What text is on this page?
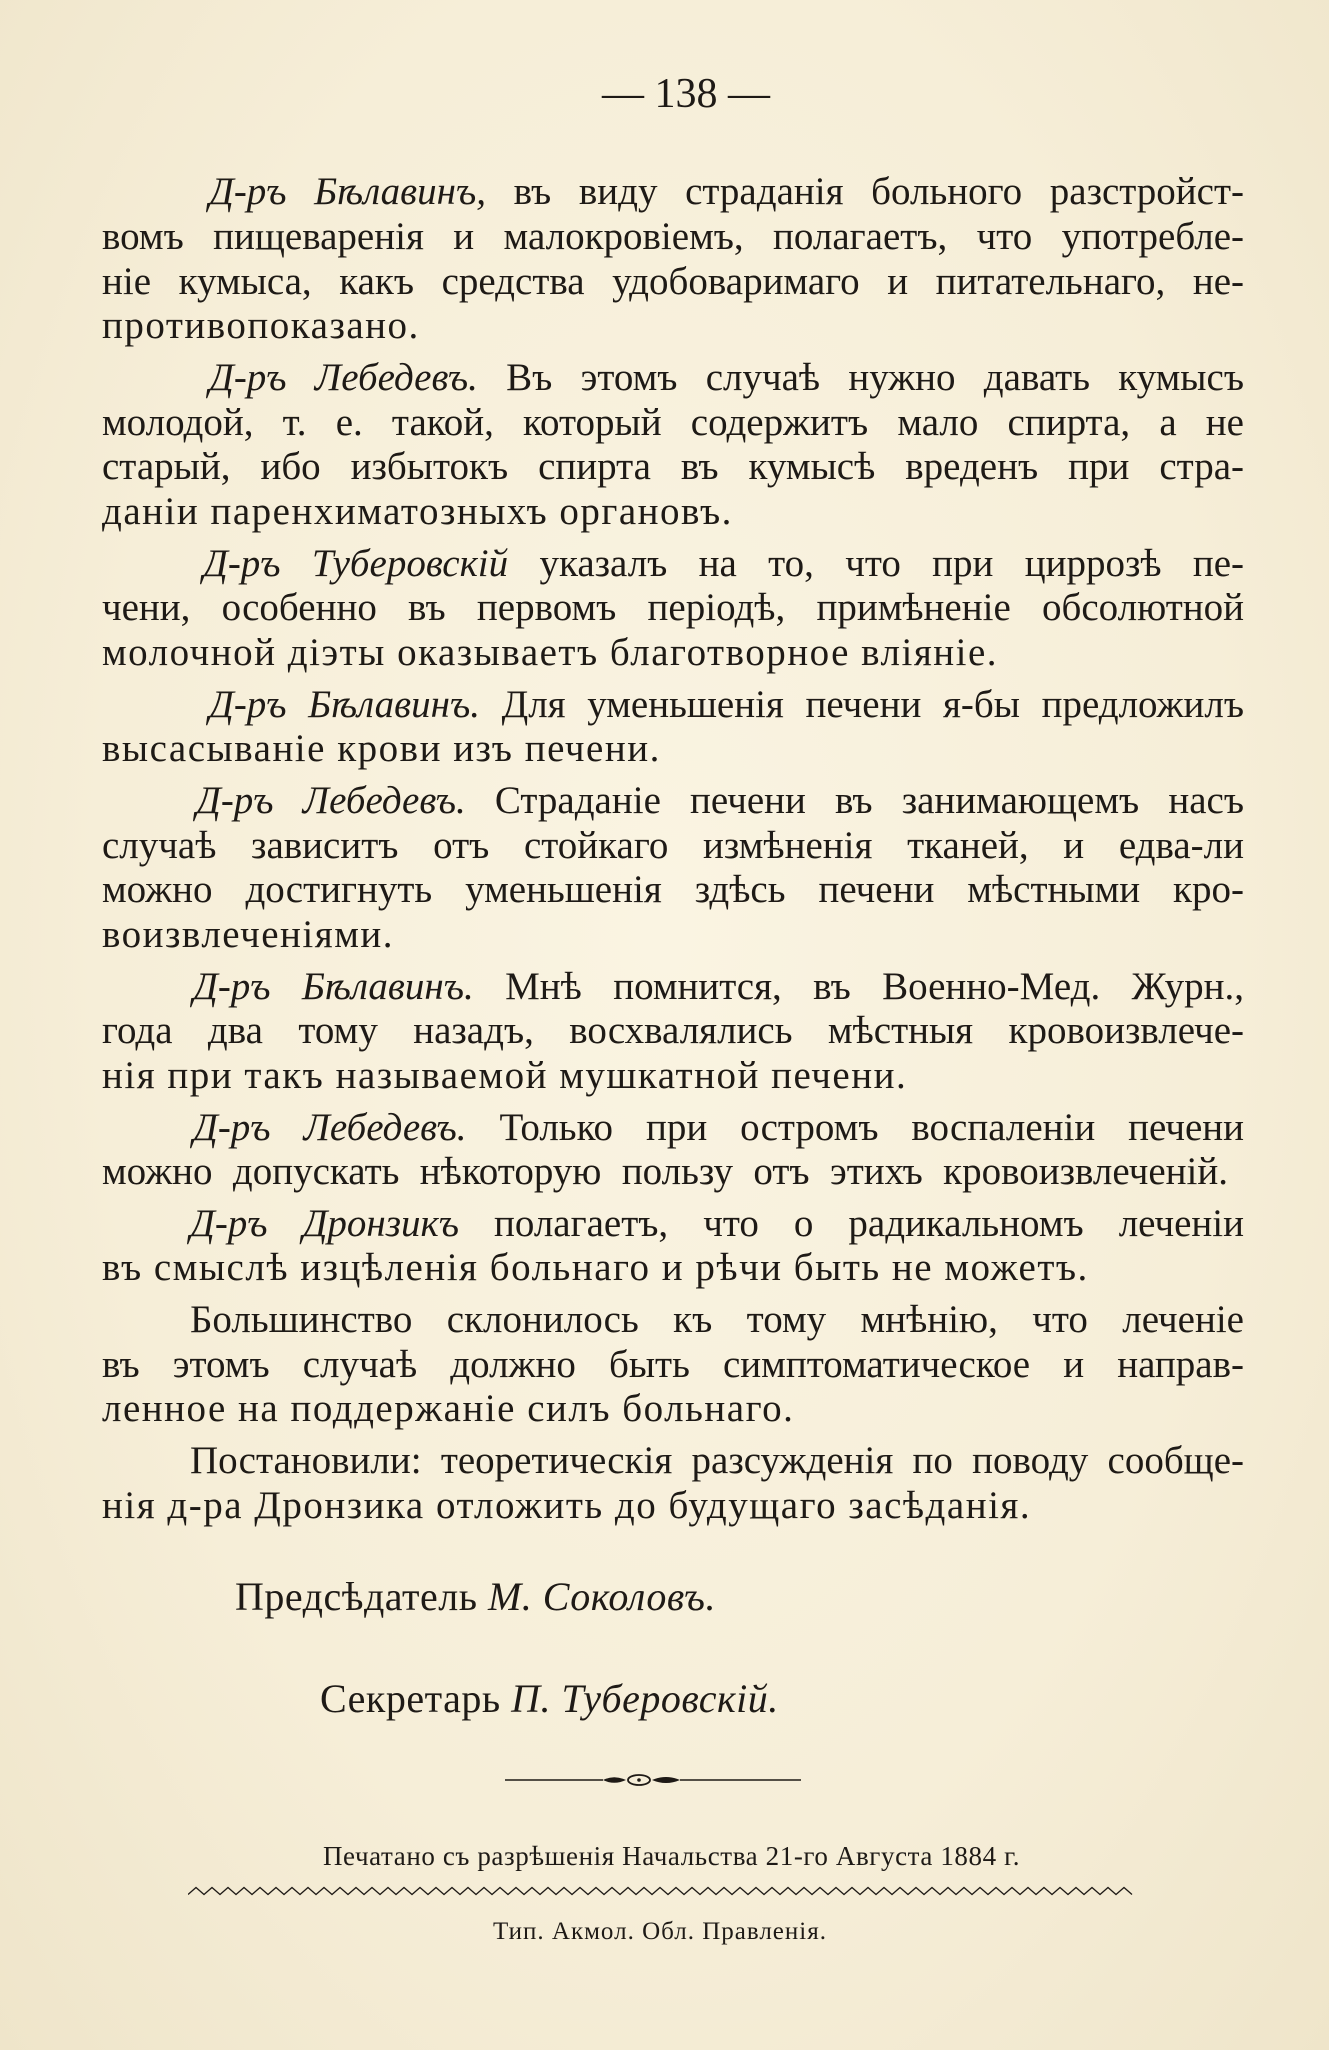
— 138 —
Д-ръ Бѣлавинъ, въ виду страданія больного разстройст-
вомъ пищеваренія и малокровіемъ, полагаетъ, что употребле-
ніе кумыса, какъ средства удобоваримаго и питательнаго, не-
противопоказано.
Д-ръ Лебедевъ. Въ этомъ случаѣ нужно давать кумысъ
молодой, т. е. такой, который содержитъ мало спирта, а не
старый, ибо избытокъ спирта въ кумысѣ вреденъ при стра-
даніи паренхиматозныхъ органовъ.
Д-ръ Туберовскій указалъ на то, что при циррозѣ пе-
чени, особенно въ первомъ періодѣ, примѣненіе обсолютной
молочной діэты оказываетъ благотворное вліяніе.
Д-ръ Бѣлавинъ. Для уменьшенія печени я-бы предложилъ
высасываніе крови изъ печени.
Д-ръ Лебедевъ. Страданіе печени въ занимающемъ насъ
случаѣ зависитъ отъ стойкаго измѣненія тканей, и едва-ли
можно достигнуть уменьшенія здѣсь печени мѣстными кро-
воизвлеченіями.
Д-ръ Бѣлавинъ. Мнѣ помнится, въ Военно-Мед. Журн.,
года два тому назадъ, восхвалялись мѣстныя кровоизвлече-
нія при такъ называемой мушкатной печени.
Д-ръ Лебедевъ. Только при остромъ воспаленіи печени
можно допускать нѣкоторую пользу отъ этихъ кровоизвлеченій.
Д-ръ Дронзикъ полагаетъ, что о радикальномъ леченіи
въ смыслѣ изцѣленія больнаго и рѣчи быть не можетъ.
Большинство склонилось къ тому мнѣнію, что леченіе
въ этомъ случаѣ должно быть симптоматическое и направ-
ленное на поддержаніе силъ больнаго.
Постановили: теоретическія разсужденія по поводу сообще-
нія д-ра Дронзика отложить до будущаго засѣданія.
Предсѣдатель М. Соколовъ.
Секретарь П. Туберовскій.
Печатано съ разрѣшенія Начальства 21-го Августа 1884 г.
Тип. Акмол. Обл. Правленія.
